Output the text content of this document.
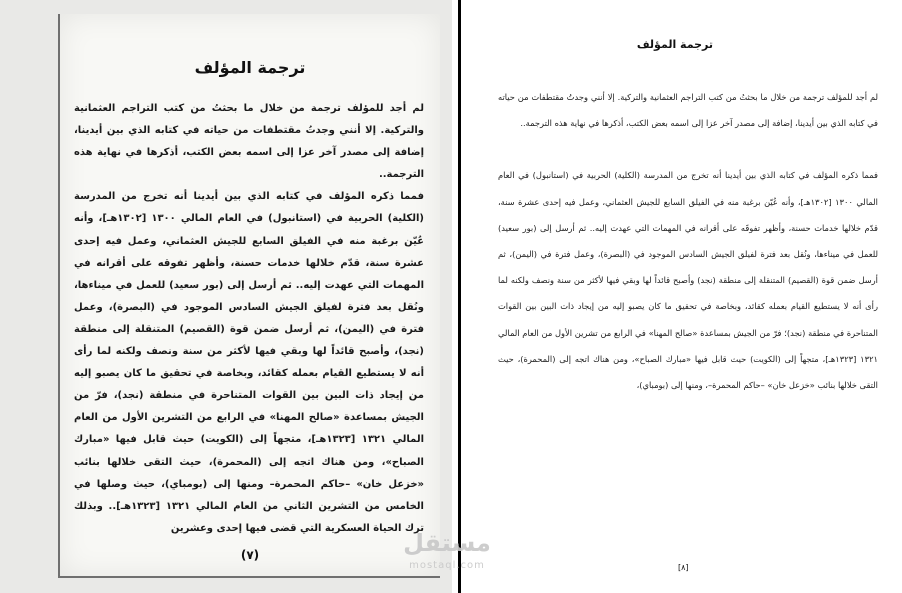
ترجمة المؤلف

لم أجد للمؤلف ترجمة من خلال ما بحثتُ من كتب التراجم العثمانية والتركية. إلا أنني وجدتُ مقتطفات من حياته في كتابه الذي بين أيدينا، إضافة إلى مصدر آخر عزا إلى اسمه بعض الكتب، أذكرها في نهاية هذه الترجمة..

فمما ذكره المؤلف في كتابه الذي بين أيدينا أنه تخرج من المدرسة (الكلية) الحربية في (استانبول) في العام المالي ١٣٠٠ [١٣٠٢هـ]، وأنه عُيّن برغبة منه في الفيلق السابع للجيش العثماني، وعمل فيه إحدى عشرة سنة، قدّم خلالها خدمات حسنة، وأظهر تفوقه على أقرانه في المهمات التي عهدت إليه.. ثم أرسل إلى (بور سعيد) للعمل في ميناءها، ونُقل بعد فترة لفيلق الجيش السادس الموجود في (البصرة)، وعمل فترة في (اليمن)، ثم أرسل ضمن قوة (القصيم) المتنقلة إلى منطقة (نجد)، وأصبح قائداً لها وبقي فيها لأكثر من سنة ونصف ولكنه لما رأى أنه لا يستطيع القيام بعمله كقائد، وبخاصة في تحقيق ما كان يصبو إليه من إيجاد ذات البين بين القوات المتناحرة في منطقة (نجد)، فرّ من الجيش بمساعدة «صالح المهنا» في الرابع من التشرين الأول من العام المالي ١٣٢١ [١٣٢٣هـ]، متجهاً إلى (الكويت) حيث قابل فيها «مبارك الصباح»، ومن هناك اتجه إلى (المحمرة)، حيث التقى خلالها بنائب «خزعل خان» –حاكم المحمرة– ومنها إلى (بومباي)، حيث وصلها في الخامس من التشرين الثاني من العام المالي ١٣٢١ [١٣٢٣هـ].. وبذلك ترك الحياة العسكرية التي قضى فيها إحدى وعشرين

(٧)
ترجمة المؤلف

لم أجد للمؤلف ترجمة من خلال ما بحثتُ من كتب التراجم العثمانية والتركية. إلا أنني وجدتُ مقتطفات من حياته في كتابه الذي بين أيدينا، إضافة إلى مصدر آخر عزا إلى اسمه بعض الكتب، أذكرها في نهاية هذه الترجمة..

فمما ذكره المؤلف في كتابه الذي بين أيدينا أنه تخرج من المدرسة (الكلية) الحربية في (استانبول) في العام المالي ١٣٠٠ [١٣٠٢هـ]، وأنه عُيّن برغبة منه في الفيلق السابع للجيش العثماني، وعمل فيه إحدى عشرة سنة، قدّم خلالها خدمات حسنة، وأظهر تفوقَه على أقرانه في المهمات التي عهدت إليه.. ثم أرسل إلى (بور سعيد) للعمل في ميناءها، ونُقل بعد فترة لفيلق الجيش السادس الموجود في (البصرة)، وعمل فترة في (اليمن)، ثم أرسل ضمن قوة (القصيم) المتنقلة إلى منطقة (نجد) وأصبح قائداً لها وبقي فيها لأكثر من سنة ونصف ولكنه لما رأى أنه لا يستطيع القيام بعمله كقائد، وبخاصة في تحقيق ما كان يصبو إليه من إيجاد ذات البين بين القوات المتناحرة في منطقة (نجد)؛ فرّ من الجيش بمساعدة «صالح المهنا» في الرابع من تشرين الأول من العام المالي ١٣٢١ [١٣٢٣هـ]، متجهاً إلى (الكويت) حيث قابل فيها «مبارك الصباح»، ومن هناك اتجه إلى (المحمرة)، حيث التقى خلالها بنائب «خزعل خان» –حاكم المحمرة–، ومنها إلى (بومباي)،

[٨]
مستقل
mostaql.com
